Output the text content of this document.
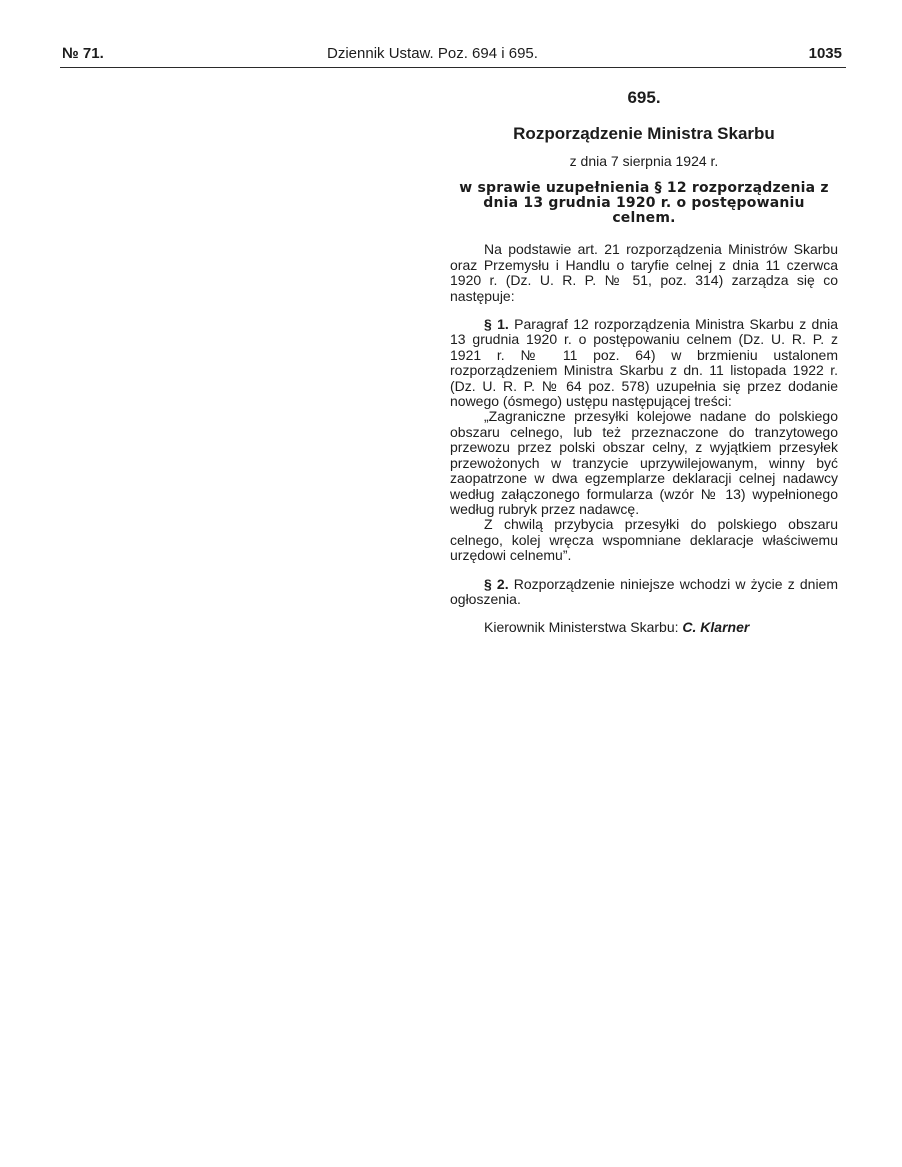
№ 71.	Dziennik Ustaw. Poz. 694 i 695.	1035
695.
Rozporządzenie Ministra Skarbu
z dnia 7 sierpnia 1924 r.
w sprawie uzupełnienia § 12 rozporządzenia z dnia 13 grudnia 1920 r. o postępowaniu celnem.

Na podstawie art. 21 rozporządzenia Ministrów Skarbu oraz Przemysłu i Handlu o taryfie celnej z dnia 11 czerwca 1920 r. (Dz. U. R. P. № 51, poz. 314) zarządza się co następuje:

§ 1. Paragraf 12 rozporządzenia Ministra Skarbu z dnia 13 grudnia 1920 r. o postępowaniu celnem (Dz. U. R. P. z 1921 r. № 11 poz. 64) w brzmieniu ustalonem rozporządzeniem Ministra Skarbu z dn. 11 listopada 1922 r. (Dz. U. R. P. № 64 poz. 578) uzupełnia się przez dodanie nowego (ósmego) ustępu następującej treści:

„Zagraniczne przesyłki kolejowe nadane do polskiego obszaru celnego, lub też przeznaczone do tranzytowego przewozu przez polski obszar celny, z wyjątkiem przesyłek przewożonych w tranzycie uprzywilejowanym, winny być zaopatrzone w dwa egzemplarze deklaracji celnej nadawcy według załączonego formularza (wzór № 13) wypełnionego według rubryk przez nadawcę.

Z chwilą przybycia przesyłki do polskiego obszaru celnego, kolej wręcza wspomniane deklaracje właściwemu urzędowi celnemu”.

§ 2. Rozporządzenie niniejsze wchodzi w życie z dniem ogłoszenia.

Kierownik Ministerstwa Skarbu: C. Klarner
